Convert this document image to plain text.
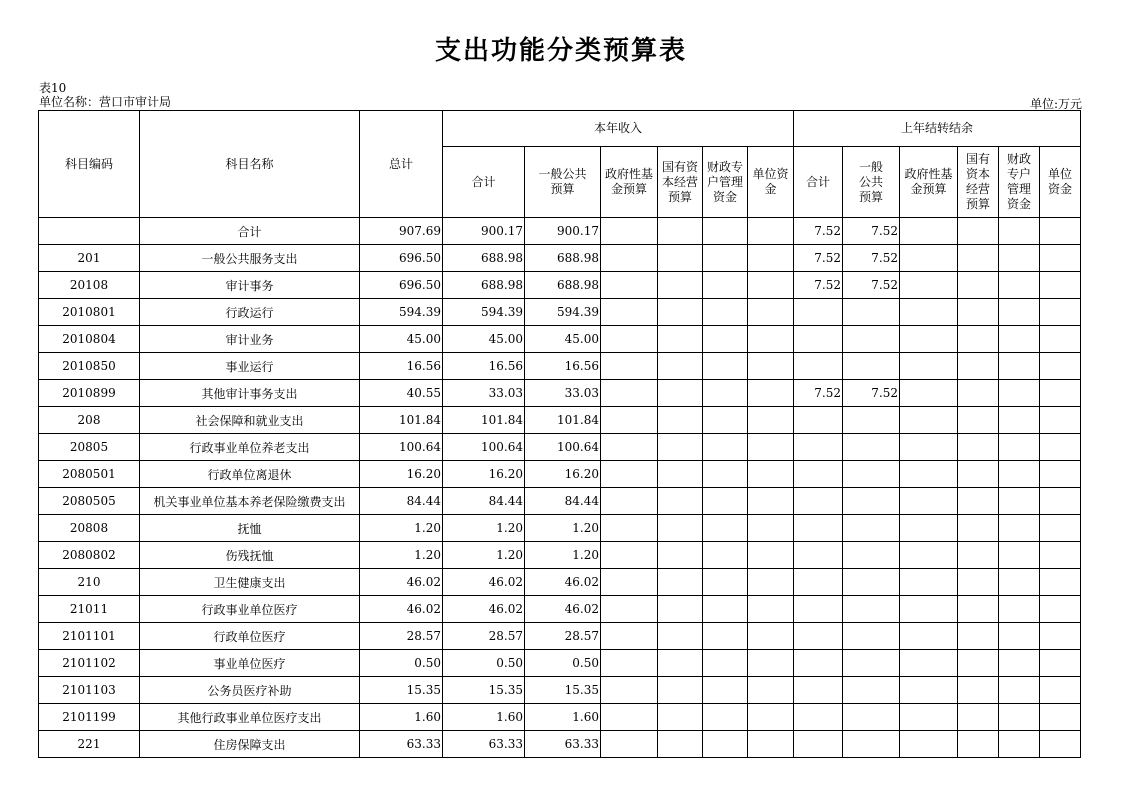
支出功能分类预算表
表10
单位名称：营口市审计局	单位:万元
科目编码	科目名称	总计	本年收入						上年结转结余					
			合计	一般公共预算	政府性基金预算	国有资本经营预算	财政专户管理资金	单位资金	合计	一般公共预算	政府性基金预算	国有资本经营预算	财政专户管理资金	单位资金
	合计	907.69	900.17	900.17					7.52	7.52				
201	一般公共服务支出	696.50	688.98	688.98					7.52	7.52				
20108	审计事务	696.50	688.98	688.98					7.52	7.52				
2010801	行政运行	594.39	594.39	594.39										
2010804	审计业务	45.00	45.00	45.00										
2010850	事业运行	16.56	16.56	16.56										
2010899	其他审计事务支出	40.55	33.03	33.03					7.52	7.52				
208	社会保障和就业支出	101.84	101.84	101.84										
20805	行政事业单位养老支出	100.64	100.64	100.64										
2080501	行政单位离退休	16.20	16.20	16.20										
2080505	机关事业单位基本养老保险缴费支出	84.44	84.44	84.44										
20808	抚恤	1.20	1.20	1.20										
2080802	伤残抚恤	1.20	1.20	1.20										
210	卫生健康支出	46.02	46.02	46.02										
21011	行政事业单位医疗	46.02	46.02	46.02										
2101101	行政单位医疗	28.57	28.57	28.57										
2101102	事业单位医疗	0.50	0.50	0.50										
2101103	公务员医疗补助	15.35	15.35	15.35										
2101199	其他行政事业单位医疗支出	1.60	1.60	1.60										
221	住房保障支出	63.33	63.33	63.33										
